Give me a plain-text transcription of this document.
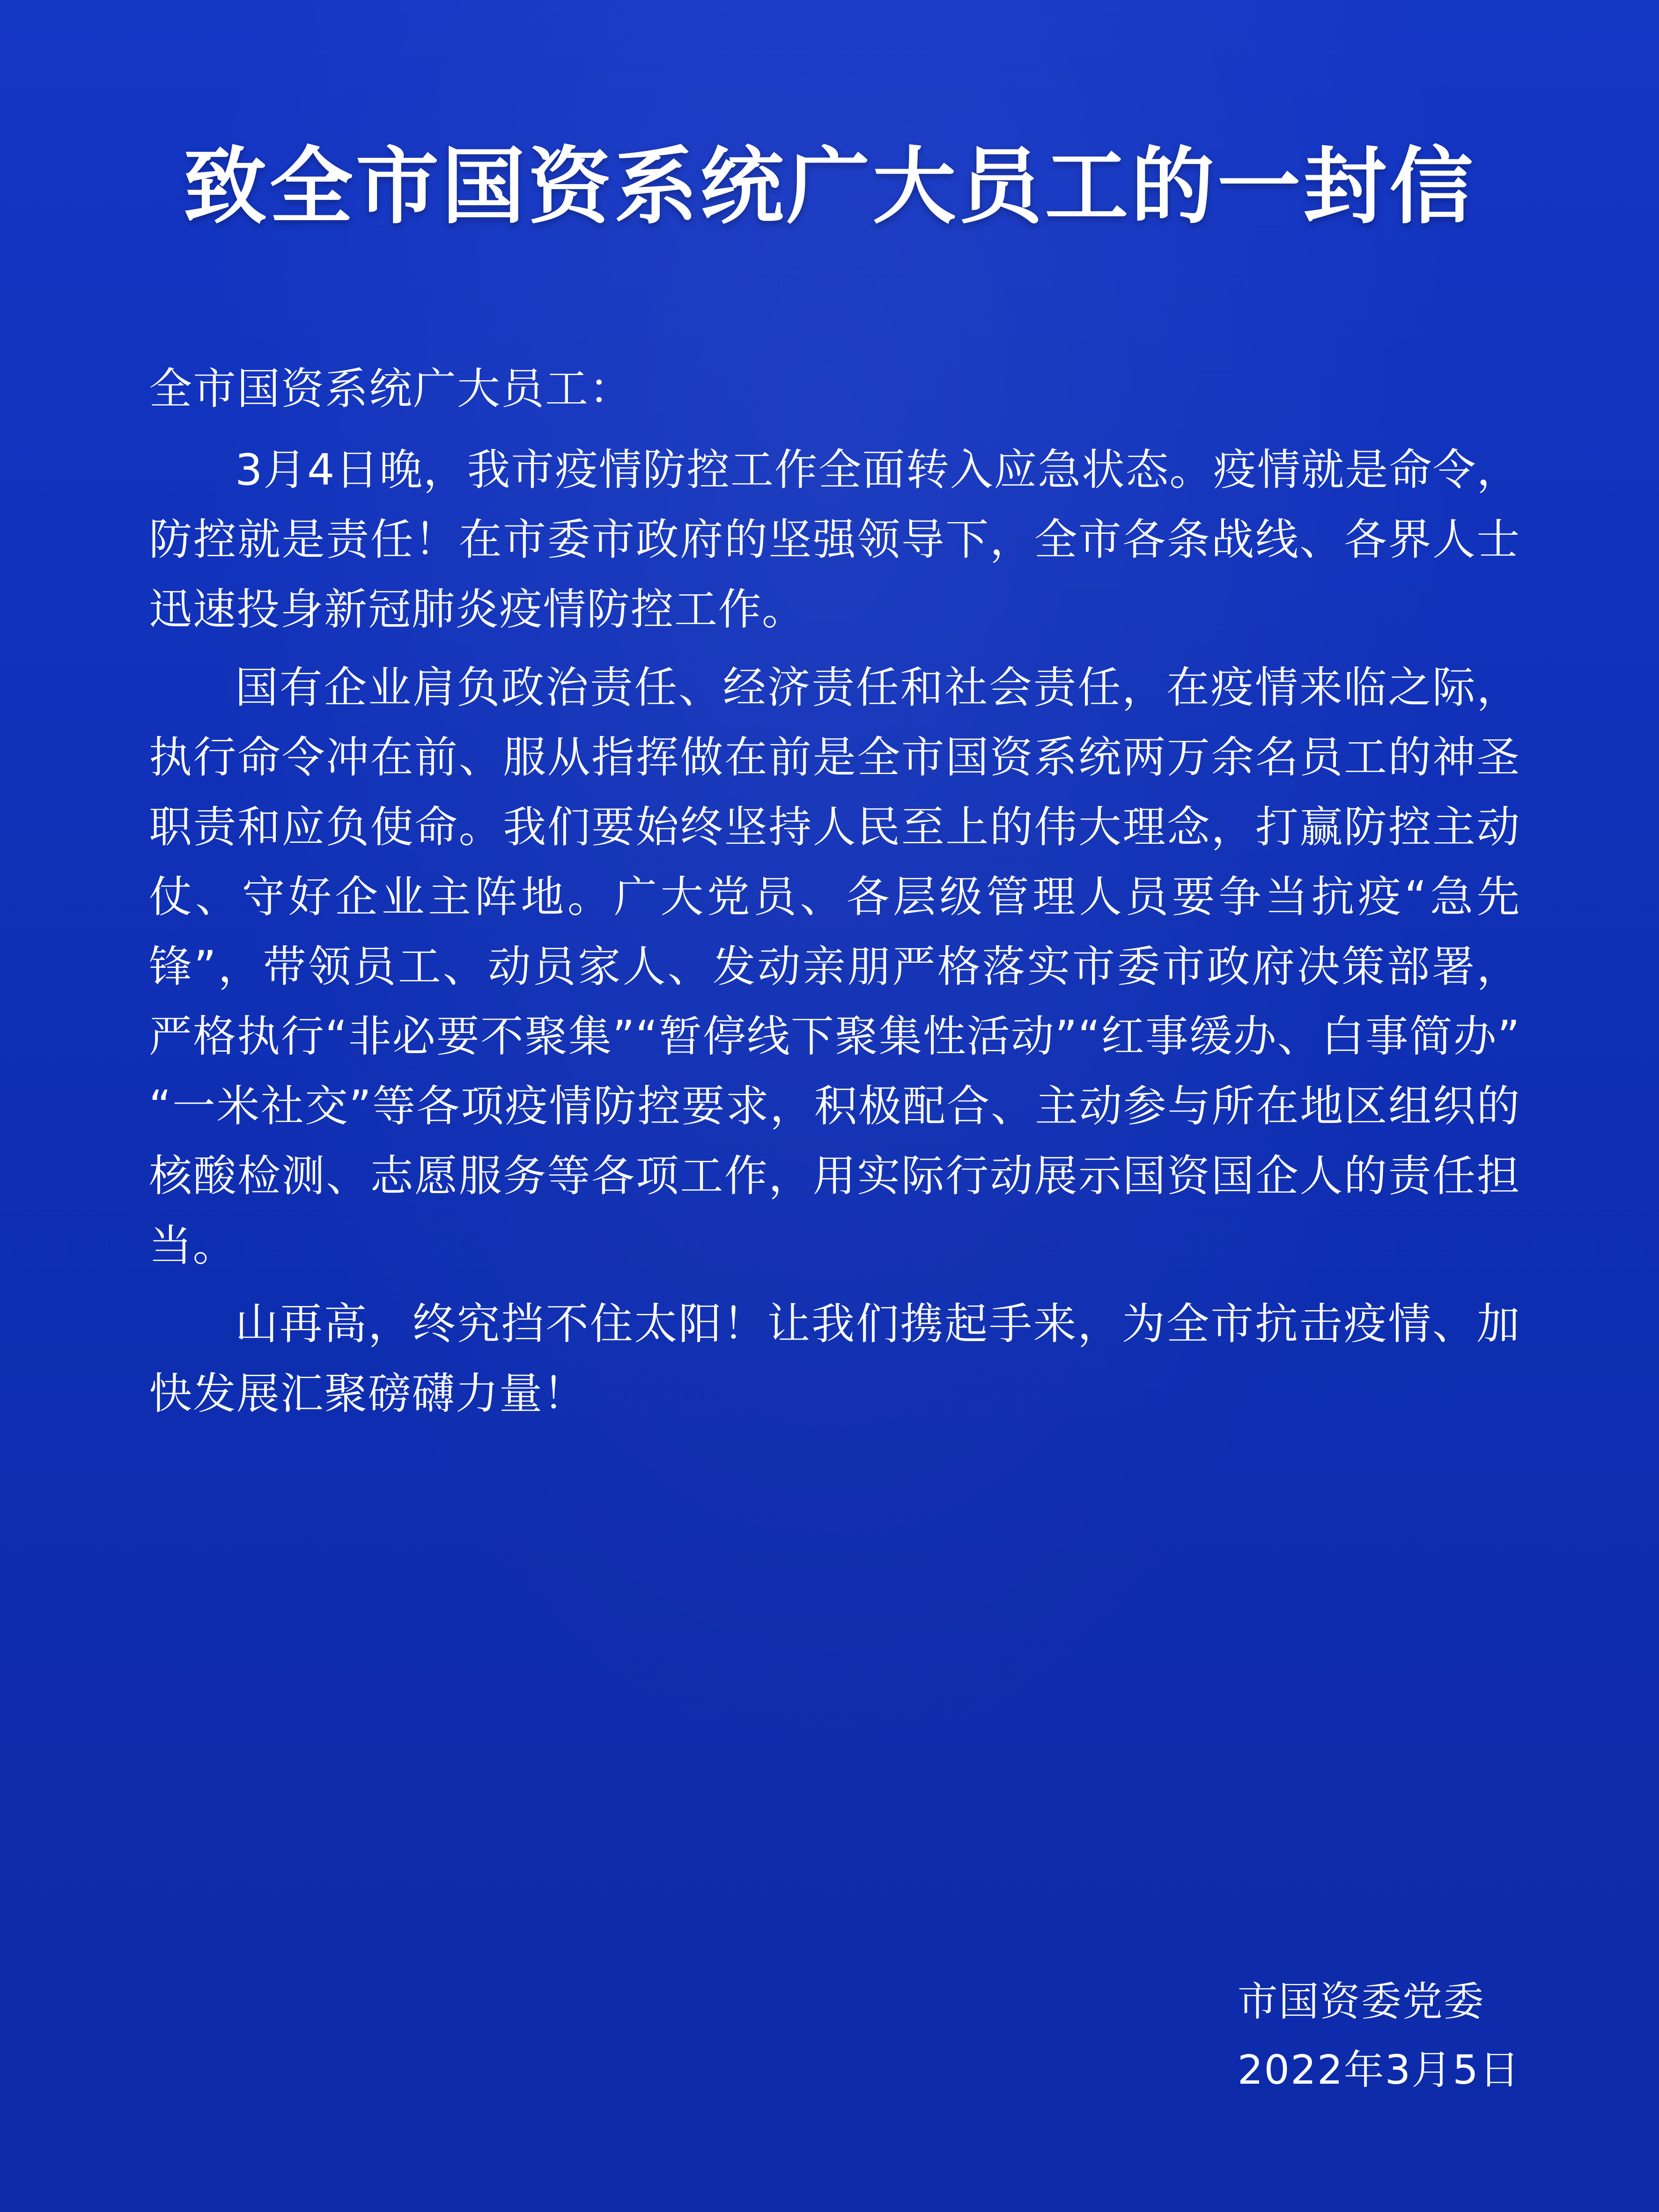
致全市国资系统广大员工的一封信
全市国资系统广大员工：

3月4日晚，我市疫情防控工作全面转入应急状态。疫情就是命令，防控就是责任！在市委市政府的坚强领导下，全市各条战线、各界人士迅速投身新冠肺炎疫情防控工作。

国有企业肩负政治责任、经济责任和社会责任，在疫情来临之际，执行命令冲在前、服从指挥做在前是全市国资系统两万余名员工的神圣职责和应负使命。我们要始终坚持人民至上的伟大理念，打赢防控主动仗、守好企业主阵地。广大党员、各层级管理人员要争当抗疫“急先锋”，带领员工、动员家人、发动亲朋严格落实市委市政府决策部署，严格执行“非必要不聚集”“暂停线下聚集性活动”“红事缓办、白事简办”“一米社交”等各项疫情防控要求，积极配合、主动参与所在地区组织的核酸检测、志愿服务等各项工作，用实际行动展示国资国企人的责任担当。

山再高，终究挡不住太阳！让我们携起手来，为全市抗击疫情、加快发展汇聚磅礴力量！

市国资委党委
2022年3月5日
